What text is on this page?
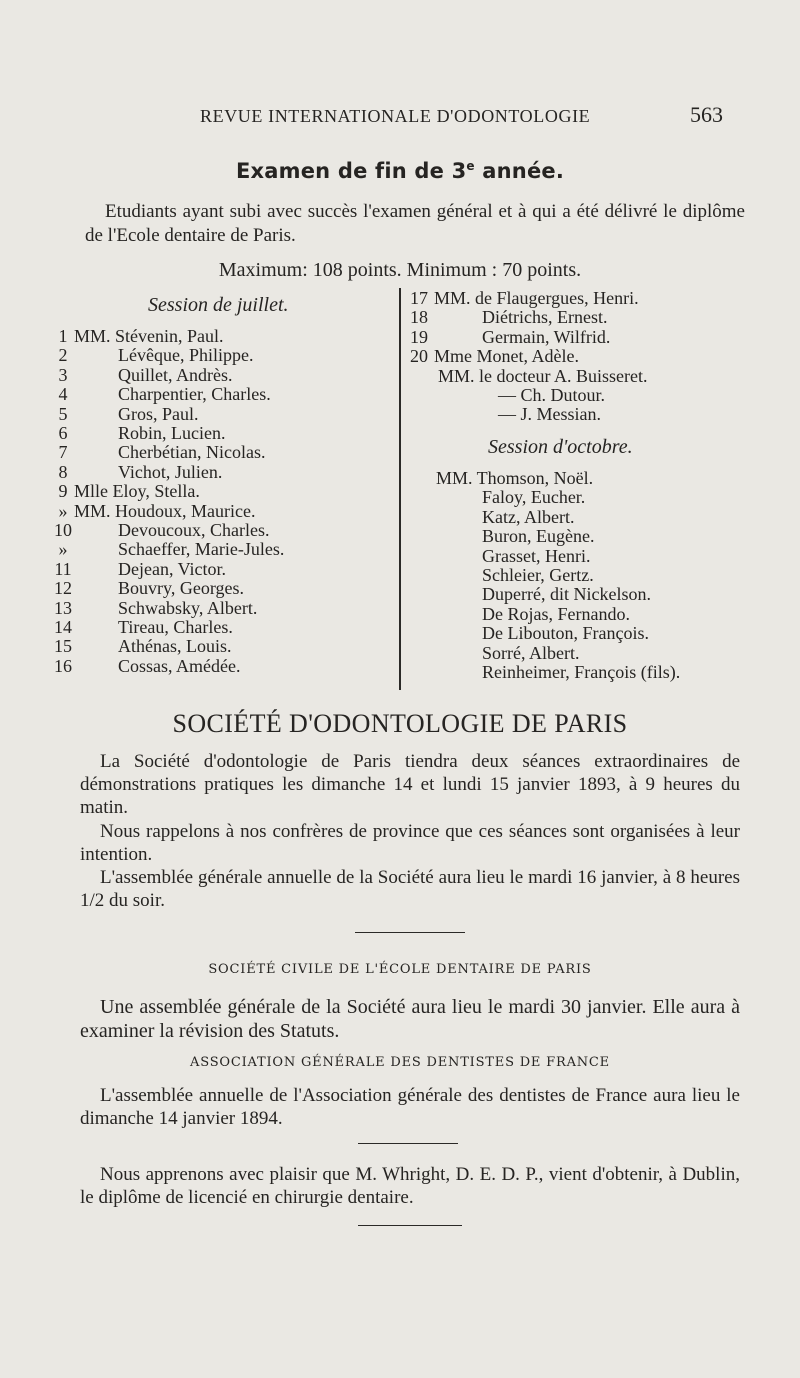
REVUE INTERNATIONALE D'ODONTOLOGIE	563
Examen de fin de 3e année.
Etudiants ayant subi avec succès l'examen général et à qui a été délivré le diplôme de l'Ecole dentaire de Paris.
Maximum: 108 points. Minimum : 70 points.
Session de juillet.
1 MM. Stévenin, Paul.
2	Lévêque, Philippe.
3	Quillet, Andrès.
4	Charpentier, Charles.
5	Gros, Paul.
6	Robin, Lucien.
7	Cherbétian, Nicolas.
8	Vichot, Julien.
9 Mlle Eloy, Stella.
» MM. Houdoux, Maurice.
10	Devoucoux, Charles.
»	Schaeffer, Marie-Jules.
11	Dejean, Victor.
12	Bouvry, Georges.
13	Schwabsky, Albert.
14	Tireau, Charles.
15	Athénas, Louis.
16	Cossas, Amédée.
17 MM. de Flaugergues, Henri.
18	Diétrichs, Ernest.
19	Germain, Wilfrid.
20 Mme Monet, Adèle.
MM. le docteur A. Buisseret.
— Ch. Dutour.
— J. Messian.
Session d'octobre.
MM. Thomson, Noël.
Faloy, Eucher.
Katz, Albert.
Buron, Eugène.
Grasset, Henri.
Schleier, Gertz.
Duperré, dit Nickelson.
De Rojas, Fernando.
De Libouton, François.
Sorré, Albert.
Reinheimer, François (fils).
SOCIÉTÉ D'ODONTOLOGIE DE PARIS
La Société d'odontologie de Paris tiendra deux séances extraordinaires de démonstrations pratiques les dimanche 14 et lundi 15 janvier 1893, à 9 heures du matin.
Nous rappelons à nos confrères de province que ces séances sont organisées à leur intention.
L'assemblée générale annuelle de la Société aura lieu le mardi 16 janvier, à 8 heures 1/2 du soir.
SOCIÉTÉ CIVILE DE L'ÉCOLE DENTAIRE DE PARIS
Une assemblée générale de la Société aura lieu le mardi 30 janvier. Elle aura à examiner la révision des Statuts.
ASSOCIATION GÉNÉRALE DES DENTISTES DE FRANCE
L'assemblée annuelle de l'Association générale des dentistes de France aura lieu le dimanche 14 janvier 1894.
Nous apprenons avec plaisir que M. Whright, D. E. D. P., vient d'obtenir, à Dublin, le diplôme de licencié en chirurgie dentaire.
